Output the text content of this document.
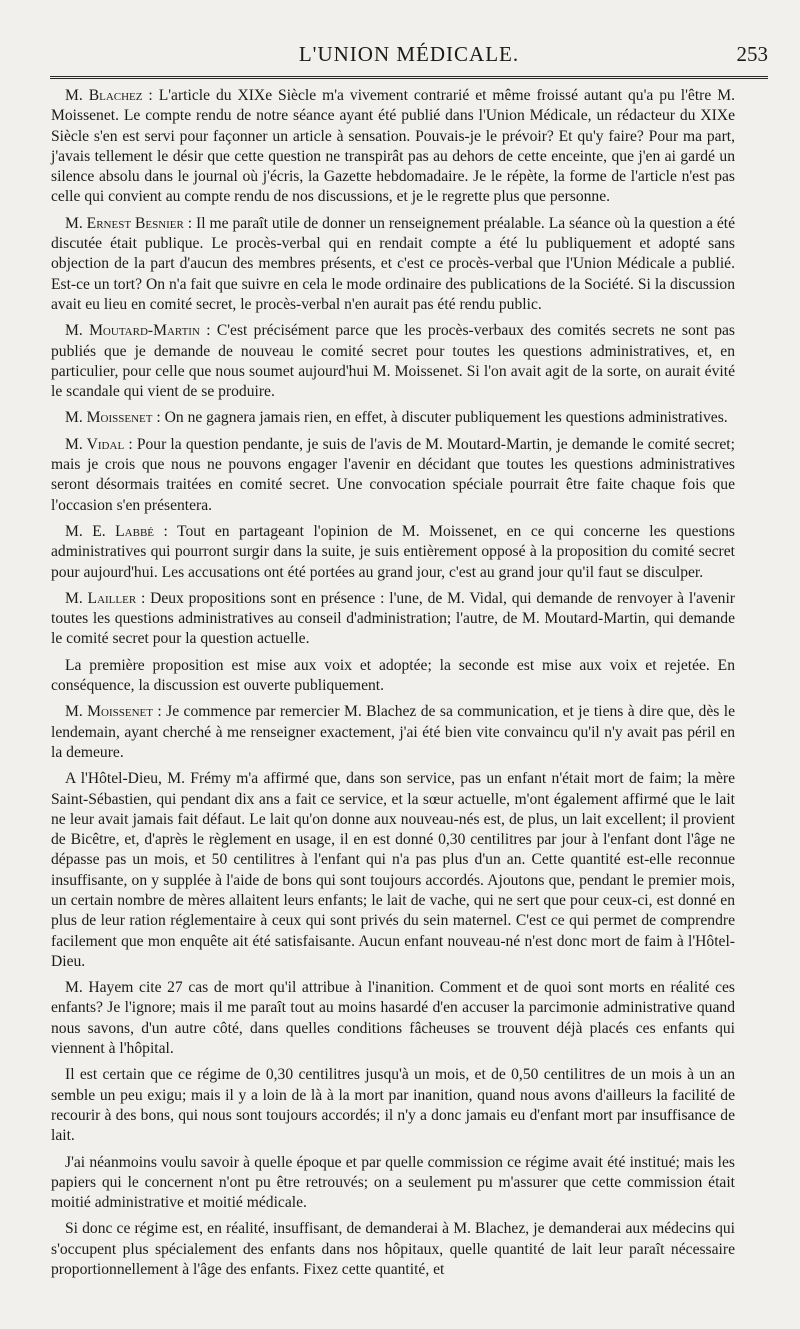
L'UNION MÉDICALE.	253

M. Blachez : L'article du XIXe Siècle m'a vivement contrarié et même froissé autant qu'a pu l'être M. Moissenet. Le compte rendu de notre séance ayant été publié dans l'Union Médicale, un rédacteur du XIXe Siècle s'en est servi pour façonner un article à sensation. Pouvais-je le prévoir? Et qu'y faire? Pour ma part, j'avais tellement le désir que cette question ne transpirât pas au dehors de cette enceinte, que j'en ai gardé un silence absolu dans le journal où j'écris, la Gazette hebdomadaire. Je le répète, la forme de l'article n'est pas celle qui convient au compte rendu de nos discussions, et je le regrette plus que personne.

M. Ernest Besnier : Il me paraît utile de donner un renseignement préalable. La séance où la question a été discutée était publique. Le procès-verbal qui en rendait compte a été lu publiquement et adopté sans objection de la part d'aucun des membres présents, et c'est ce procès-verbal que l'Union Médicale a publié. Est-ce un tort? On n'a fait que suivre en cela le mode ordinaire des publications de la Société. Si la discussion avait eu lieu en comité secret, le procès-verbal n'en aurait pas été rendu public.

M. Moutard-Martin : C'est précisément parce que les procès-verbaux des comités secrets ne sont pas publiés que je demande de nouveau le comité secret pour toutes les questions administratives, et, en particulier, pour celle que nous soumet aujourd'hui M. Moissenet. Si l'on avait agit de la sorte, on aurait évité le scandale qui vient de se produire.

M. Moissenet : On ne gagnera jamais rien, en effet, à discuter publiquement les questions administratives.

M. Vidal : Pour la question pendante, je suis de l'avis de M. Moutard-Martin, je demande le comité secret; mais je crois que nous ne pouvons engager l'avenir en décidant que toutes les questions administratives seront désormais traitées en comité secret. Une convocation spéciale pourrait être faite chaque fois que l'occasion s'en présentera.

M. E. Labbé : Tout en partageant l'opinion de M. Moissenet, en ce qui concerne les questions administratives qui pourront surgir dans la suite, je suis entièrement opposé à la proposition du comité secret pour aujourd'hui. Les accusations ont été portées au grand jour, c'est au grand jour qu'il faut se disculper.

M. Lailler : Deux propositions sont en présence : l'une, de M. Vidal, qui demande de renvoyer à l'avenir toutes les questions administratives au conseil d'administration; l'autre, de M. Moutard-Martin, qui demande le comité secret pour la question actuelle.

La première proposition est mise aux voix et adoptée; la seconde est mise aux voix et rejetée. En conséquence, la discussion est ouverte publiquement.

M. Moissenet : Je commence par remercier M. Blachez de sa communication, et je tiens à dire que, dès le lendemain, ayant cherché à me renseigner exactement, j'ai été bien vite convaincu qu'il n'y avait pas péril en la demeure.

A l'Hôtel-Dieu, M. Frémy m'a affirmé que, dans son service, pas un enfant n'était mort de faim; la mère Saint-Sébastien, qui pendant dix ans a fait ce service, et la sœur actuelle, m'ont également affirmé que le lait ne leur avait jamais fait défaut. Le lait qu'on donne aux nouveau-nés est, de plus, un lait excellent; il provient de Bicêtre, et, d'après le règlement en usage, il en est donné 0,30 centilitres par jour à l'enfant dont l'âge ne dépasse pas un mois, et 50 centilitres à l'enfant qui n'a pas plus d'un an. Cette quantité est-elle reconnue insuffisante, on y supplée à l'aide de bons qui sont toujours accordés. Ajoutons que, pendant le premier mois, un certain nombre de mères allaitent leurs enfants; le lait de vache, qui ne sert que pour ceux-ci, est donné en plus de leur ration réglementaire à ceux qui sont privés du sein maternel. C'est ce qui permet de comprendre facilement que mon enquête ait été satisfaisante. Aucun enfant nouveau-né n'est donc mort de faim à l'Hôtel-Dieu.

M. Hayem cite 27 cas de mort qu'il attribue à l'inanition. Comment et de quoi sont morts en réalité ces enfants? Je l'ignore; mais il me paraît tout au moins hasardé d'en accuser la parcimonie administrative quand nous savons, d'un autre côté, dans quelles conditions fâcheuses se trouvent déjà placés ces enfants qui viennent à l'hôpital.

Il est certain que ce régime de 0,30 centilitres jusqu'à un mois, et de 0,50 centilitres de un mois à un an semble un peu exigu; mais il y a loin de là à la mort par inanition, quand nous avons d'ailleurs la facilité de recourir à des bons, qui nous sont toujours accordés; il n'y a donc jamais eu d'enfant mort par insuffisance de lait.

J'ai néanmoins voulu savoir à quelle époque et par quelle commission ce régime avait été institué; mais les papiers qui le concernent n'ont pu être retrouvés; on a seulement pu m'assurer que cette commission était moitié administrative et moitié médicale.

Si donc ce régime est, en réalité, insuffisant, de demanderai à M. Blachez, je demanderai aux médecins qui s'occupent plus spécialement des enfants dans nos hôpitaux, quelle quantité de lait leur paraît nécessaire proportionnellement à l'âge des enfants. Fixez cette quantité, et
